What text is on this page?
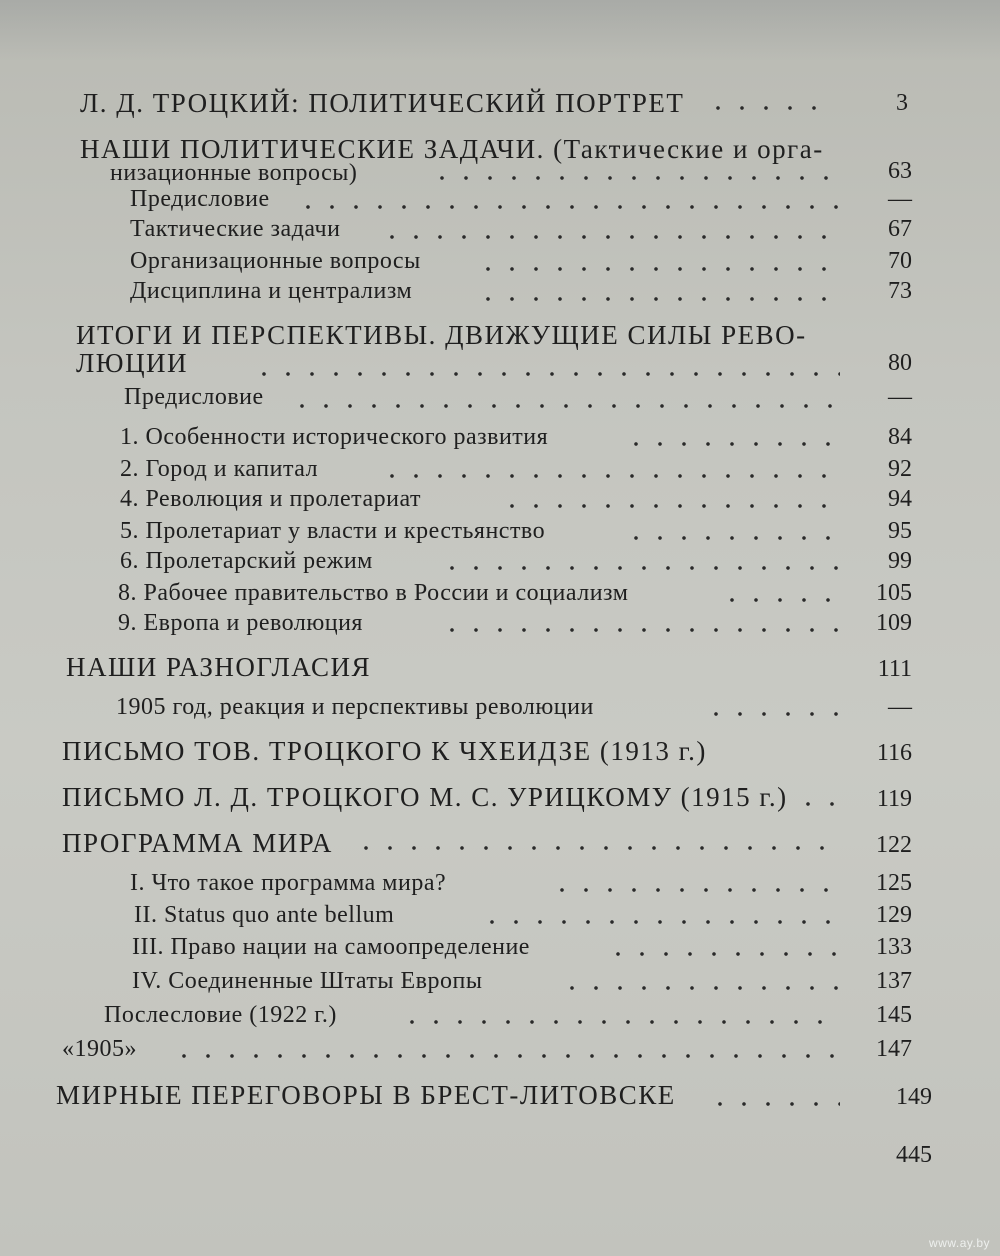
Л. Д. ТРОЦКИЙ: ПОЛИТИЧЕСКИЙ ПОРТРЕТ	3
НАШИ ПОЛИТИЧЕСКИЕ ЗАДАЧИ. (Тактические и орга-
низационные вопросы)	63
Предисловие	—
Тактические задачи	67
Организационные вопросы	70
Дисциплина и централизм	73
ИТОГИ И ПЕРСПЕКТИВЫ. ДВИЖУЩИЕ СИЛЫ РЕВО-
ЛЮЦИИ	80
Предисловие	—
1. Особенности исторического развития	84
2. Город и капитал	92
4. Революция и пролетариат	94
5. Пролетариат у власти и крестьянство	95
6. Пролетарский режим	99
8. Рабочее правительство в России и социализм	105
9. Европа и революция	109
НАШИ РАЗНОГЛАСИЯ	111
1905 год, реакция и перспективы революции	—
ПИСЬМО ТОВ. ТРОЦКОГО К ЧХЕИДЗЕ (1913 г.)	116
ПИСЬМО Л. Д. ТРОЦКОГО М. С. УРИЦКОМУ (1915 г.)	119
ПРОГРАММА МИРА	122
I. Что такое программа мира?	125
II. Status quo ante bellum	129
III. Право нации на самоопределение	133
IV. Соединенные Штаты Европы	137
Послесловие (1922 г.)	145
«1905»	147
МИРНЫЕ ПЕРЕГОВОРЫ В БРЕСТ-ЛИТОВСКЕ	149
445
www.ay.by
